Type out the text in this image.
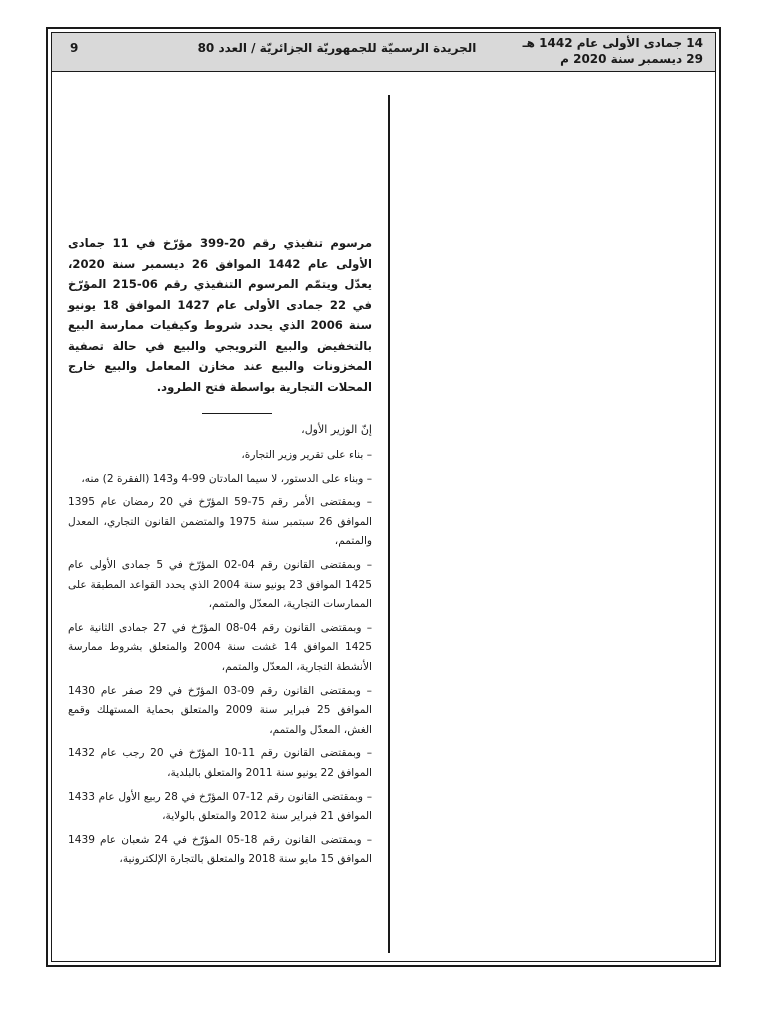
14 جمادى الأولى عام 1442 هـ
29 ديسمبر سنة 2020 م
الجريدة الرسميّة للجمهوريّة الجزائريّة / العدد 80
9

مرسوم تنفيذي رقم 20-399 مؤرّخ في 11 جمادى الأولى عام 1442 الموافق 26 ديسمبر سنة 2020، يعدّل ويتمّم المرسوم التنفيذي رقم 06-215 المؤرّخ في 22 جمادى الأولى عام 1427 الموافق 18 يونيو سنة 2006 الذي يحدد شروط وكيفيات ممارسة البيع بالتخفيض والبيع الترويجي والبيع في حالة تصفية المخزونات والبيع عند مخازن المعامل والبيع خارج المحلات التجارية بواسطة فتح الطرود.

إنّ الوزير الأول،

– بناء على تقرير وزير التجارة،

– وبناء على الدستور، لا سيما المادتان 99-4 و143 (الفقرة 2) منه،

– وبمقتضى الأمر رقم 75-59 المؤرّخ في 20 رمضان عام 1395 الموافق 26 سبتمبر سنة 1975 والمتضمن القانون التجاري، المعدل والمتمم،

– وبمقتضى القانون رقم 04-02 المؤرّخ في 5 جمادى الأولى عام 1425 الموافق 23 يونيو سنة 2004 الذي يحدد القواعد المطبقة على الممارسات التجارية، المعدّل والمتمم،

– وبمقتضى القانون رقم 04-08 المؤرّخ في 27 جمادى الثانية عام 1425 الموافق 14 غشت سنة 2004 والمتعلق بشروط ممارسة الأنشطة التجارية، المعدّل والمتمم،

– وبمقتضى القانون رقم 09-03 المؤرّخ في 29 صفر عام 1430 الموافق 25 فبراير سنة 2009 والمتعلق بحماية المستهلك وقمع الغش، المعدّل والمتمم،

– وبمقتضى القانون رقم 11-10 المؤرّخ في 20 رجب عام 1432 الموافق 22 يونيو سنة 2011 والمتعلق بالبلدية،

– وبمقتضى القانون رقم 12-07 المؤرّخ في 28 ربيع الأول عام 1433 الموافق 21 فبراير سنة 2012 والمتعلق بالولاية،

– وبمقتضى القانون رقم 18-05 المؤرّخ في 24 شعبان عام 1439 الموافق 15 مايو سنة 2018 والمتعلق بالتجارة الإلكترونية،
